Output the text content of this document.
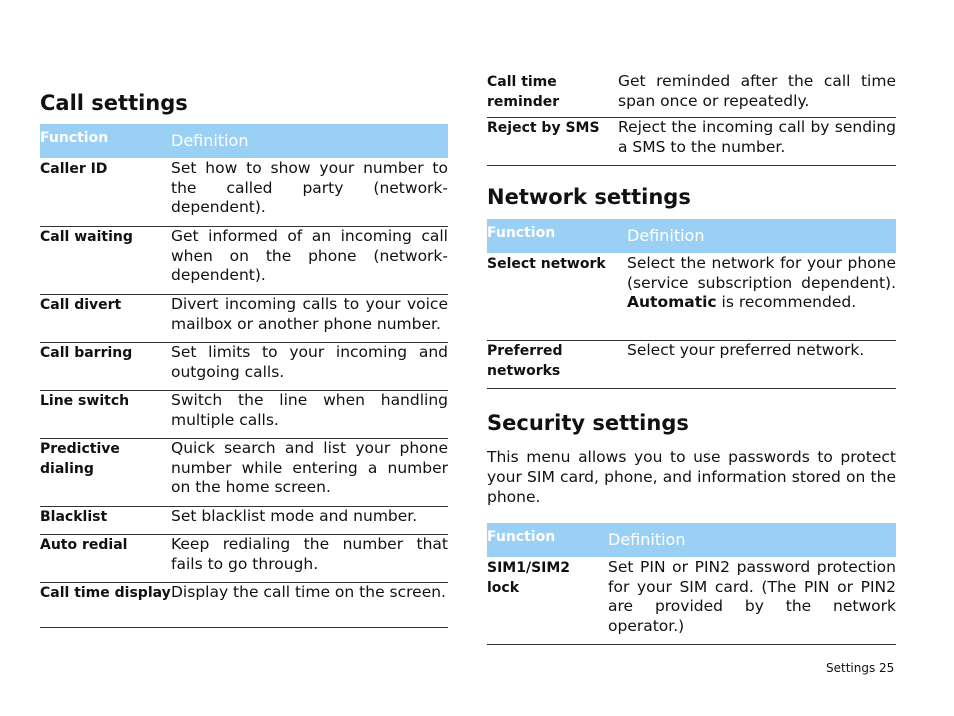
Call settings
Function	Definition
Caller ID	Set how to show your number to the called party (network-dependent).
Call waiting	Get informed of an incoming call when on the phone (network-dependent).
Call divert	Divert incoming calls to your voice mailbox or another phone number.
Call barring	Set limits to your incoming and outgoing calls.
Line switch	Switch the line when handling multiple calls.
Predictive dialing	Quick search and list your phone number while entering a number on the home screen.
Blacklist	Set blacklist mode and number.
Auto redial	Keep redialing the number that fails to go through.
Call time display	Display the call time on the screen.
Call time reminder	Get reminded after the call time span once or repeatedly.
Reject by SMS	Reject the incoming call by sending a SMS to the number.
Network settings
Function	Definition
Select network	Select the network for your phone (service subscription dependent). Automatic is recommended.
Preferred networks	Select your preferred network.
Security settings

This menu allows you to use passwords to protect your SIM card, phone, and information stored on the phone.

Function	Definition
SIM1/SIM2 lock	Set PIN or PIN2 password protection for your SIM card. (The PIN or PIN2 are provided by the network operator.)
Settings 25
